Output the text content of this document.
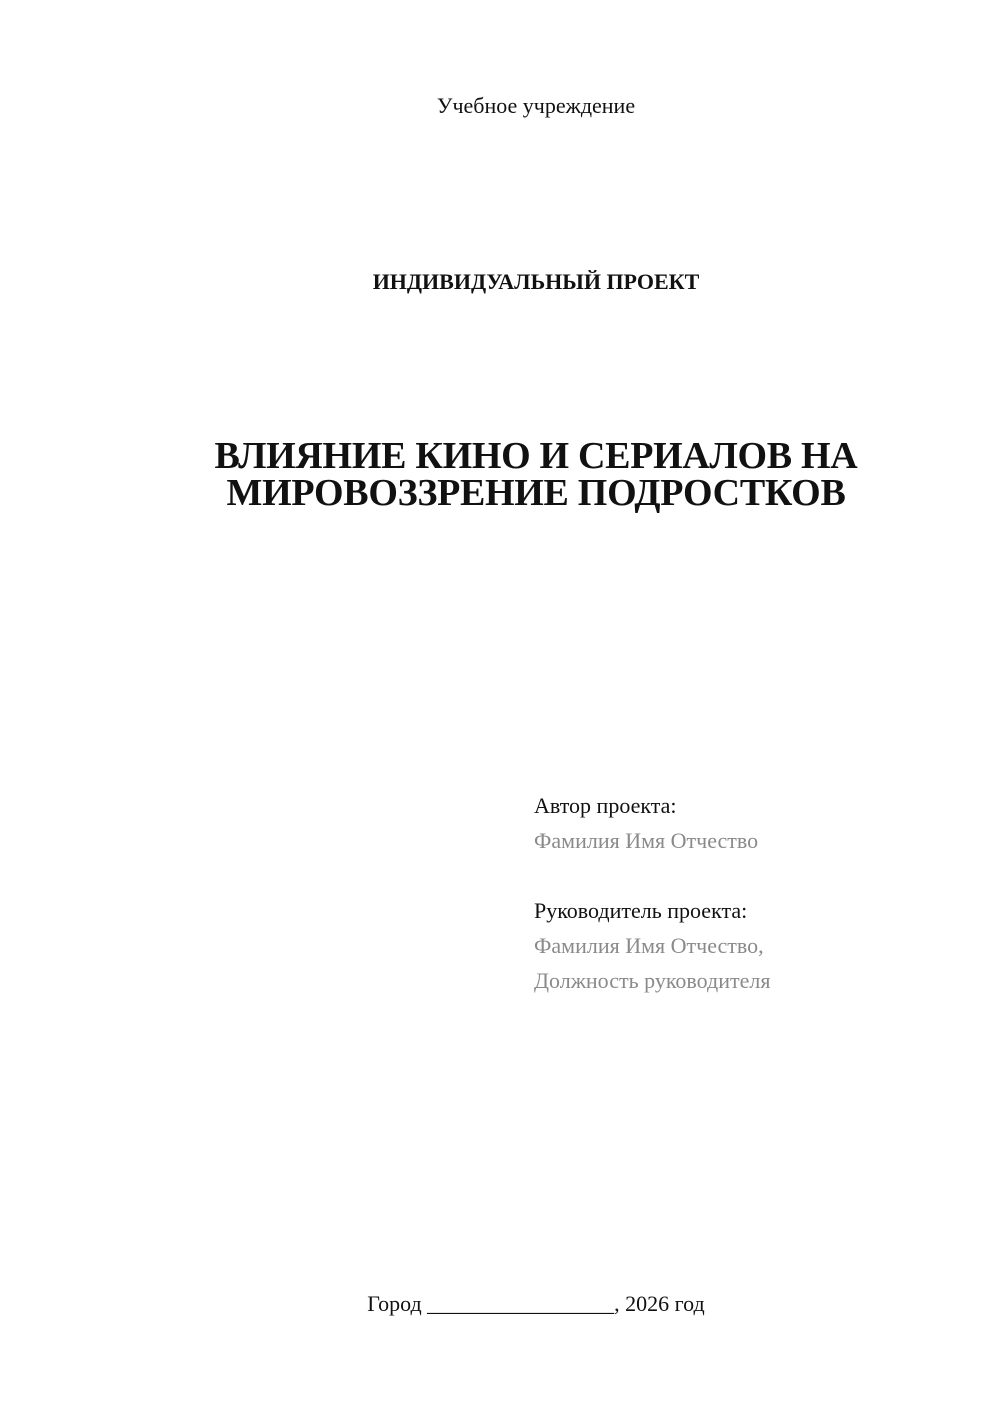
Учебное учреждение
ИНДИВИДУАЛЬНЫЙ ПРОЕКТ
ВЛИЯНИЕ КИНО И СЕРИАЛОВ НА
МИРОВОЗЗРЕНИЕ ПОДРОСТКОВ
Автор проекта:
Фамилия Имя Отчество
Руководитель проекта:
Фамилия Имя Отчество,
Должность руководителя
Город _________________, 2026 год
